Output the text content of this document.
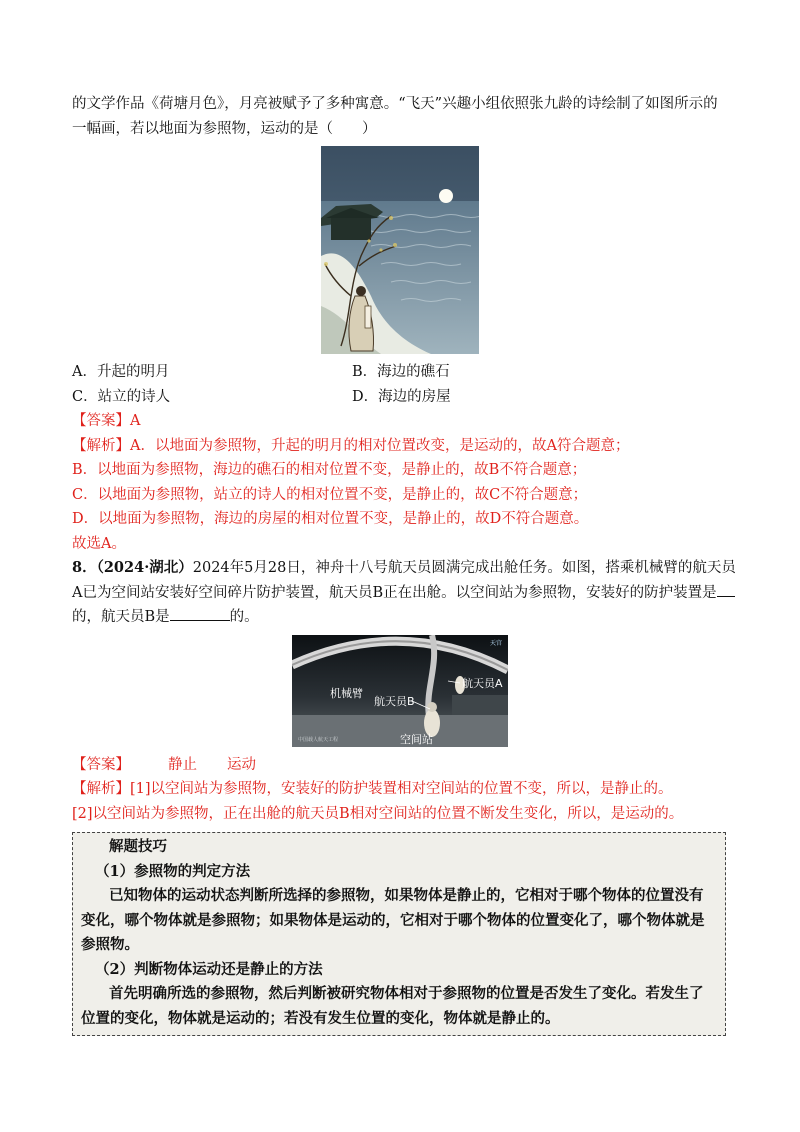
的文学作品《荷塘月色》，月亮被赋予了多种寓意。“飞天”兴趣小组依照张九龄的诗绘制了如图所示的

一幅画，若以地面为参照物，运动的是（　　）

A．升起的明月	B．海边的礁石
C．站立的诗人	D．海边的房屋

【答案】A

【解析】A．以地面为参照物，升起的明月的相对位置改变，是运动的，故A符合题意；

B．以地面为参照物，海边的礁石的相对位置不变，是静止的，故B不符合题意；

C．以地面为参照物，站立的诗人的相对位置不变，是静止的，故C不符合题意；

D．以地面为参照物，海边的房屋的相对位置不变，是静止的，故D不符合题意。

故选A。

8．（2024·湖北）2024年5月28日，神舟十八号航天员圆满完成出舱任务。如图，搭乘机械臂的航天员

A已为空间站安装好空间碎片防护装置，航天员B正在出舱。以空间站为参照物，安装好的防护装置是

的，航天员B是	的。

机械臂
航天员B
航天员A
空间站
天宫
中国载人航天工程

【答案】	静止 运动

【解析】[1]以空间站为参照物，安装好的防护装置相对空间站的位置不变，所以，是静止的。

[2]以空间站为参照物，正在出舱的航天员B相对空间站的位置不断发生变化，所以，是运动的。

解题技巧

（1）参照物的判定方法

已知物体的运动状态判断所选择的参照物，如果物体是静止的，它相对于哪个物体的位置没有变化，哪个物体就是参照物；如果物体是运动的，它相对于哪个物体的位置变化了，哪个物体就是参照物。

（2）判断物体运动还是静止的方法

首先明确所选的参照物，然后判断被研究物体相对于参照物的位置是否发生了变化。若发生了位置的变化，物体就是运动的；若没有发生位置的变化，物体就是静止的。
